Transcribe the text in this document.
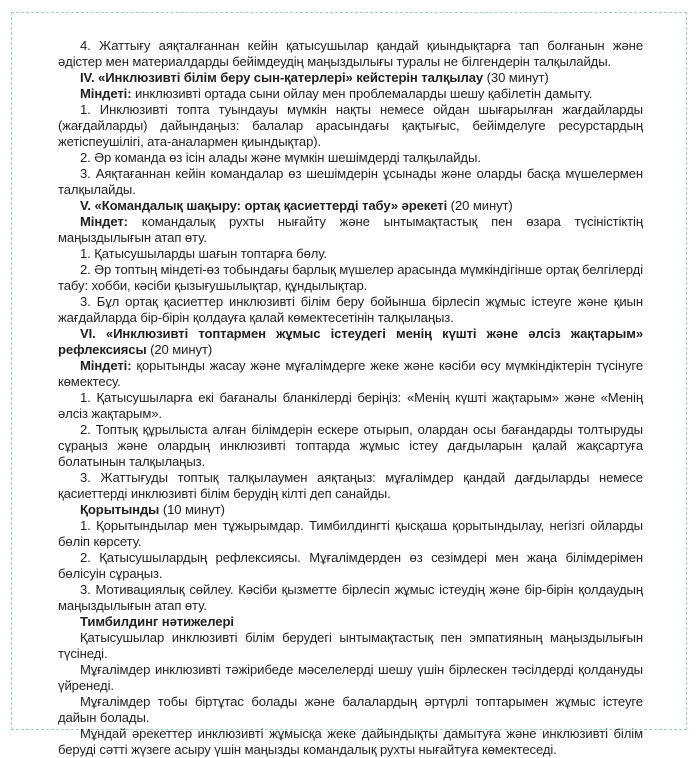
4. Жаттығу аяқталғаннан кейін қатысушылар қандай қиындықтарға тап болғанын және әдістер мен материалдарды бейімдеудің маңыздылығы туралы не білгендерін талқылайды.

IV. «Инклюзивті білім беру сын-қатерлері» кейстерін талқылау (30 минут)

Міндеті: инклюзивті ортада сыни ойлау мен проблемаларды шешу қабілетін дамыту.

1. Инклюзивті топта туындауы мүмкін нақты немесе ойдан шығарылған жағдайларды (жағдайларды) дайындаңыз: балалар арасындағы қақтығыс, бейімделуге ресурстардың жетіспеушілігі, ата-аналармен қиындықтар).

2. Әр команда өз ісін алады және мүмкін шешімдерді талқылайды.

3. Аяқтағаннан кейін командалар өз шешімдерін ұсынады және оларды басқа мүшелермен талқылайды.

V. «Командалық шақыру: ортақ қасиеттерді табу» әрекеті (20 минут)

Міндет: командалық рухты нығайту және ынтымақтастық пен өзара түсіністіктің маңыздылығын атап өту.

1. Қатысушыларды шағын топтарға бөлу.

2. Әр топтың міндеті-өз тобындағы барлық мүшелер арасында мүмкіндігінше ортақ белгілерді табу: хобби, кәсіби қызығушылықтар, құндылықтар.

3. Бұл ортақ қасиеттер инклюзивті білім беру бойынша бірлесіп жұмыс істеуге және қиын жағдайларда бір-бірін қолдауға қалай көмектесетінін талқылаңыз.

VI. «Инклюзивті топтармен жұмыс істеудегі менің күшті және әлсіз жақтарым» рефлексиясы (20 минут)

Міндеті: қорытынды жасау және мұғалімдерге жеке және кәсіби өсу мүмкіндіктерін түсінуге көмектесу.

1. Қатысушыларға екі бағаналы бланкілерді беріңіз: «Менің күшті жақтарым» және «Менің әлсіз жақтарым».

2. Топтық құрылыста алған білімдерін ескере отырып, олардан осы бағандарды толтыруды сұраңыз және олардың инклюзивті топтарда жұмыс істеу дағдыларын қалай жақсартуға болатынын талқылаңыз.

3. Жаттығуды топтық талқылаумен аяқтаңыз: мұғалімдер қандай дағдыларды немесе қасиеттерді инклюзивті білім берудің кілті деп санайды.

Қорытынды (10 минут)

1. Қорытындылар мен тұжырымдар. Тимбилдингті қысқаша қорытындылау, негізгі ойларды бөліп көрсету.

2. Қатысушылардың рефлексиясы. Мұғалімдерден өз сезімдері мен жаңа білімдерімен бөлісуін сұраңыз.

3. Мотивациялық сөйлеу. Кәсіби қызметте бірлесіп жұмыс істеудің және бір-бірін қолдаудың маңыздылығын атап өту.

Тимбилдинг нәтижелері

Қатысушылар инклюзивті білім берудегі ынтымақтастық пен эмпатияның маңыздылығын түсінеді.

Мұғалімдер инклюзивті тәжірибеде мәселелерді шешу үшін бірлескен тәсілдерді қолдануды үйренеді.

Мұғалімдер тобы біртұтас болады және балалардың әртүрлі топтарымен жұмыс істеуге дайын болады.

Мұндай әрекеттер инклюзивті жұмысқа жеке дайындықты дамытуға және инклюзивті білім беруді сәтті жүзеге асыру үшін маңызды командалық рухты нығайтуға көмектеседі.
